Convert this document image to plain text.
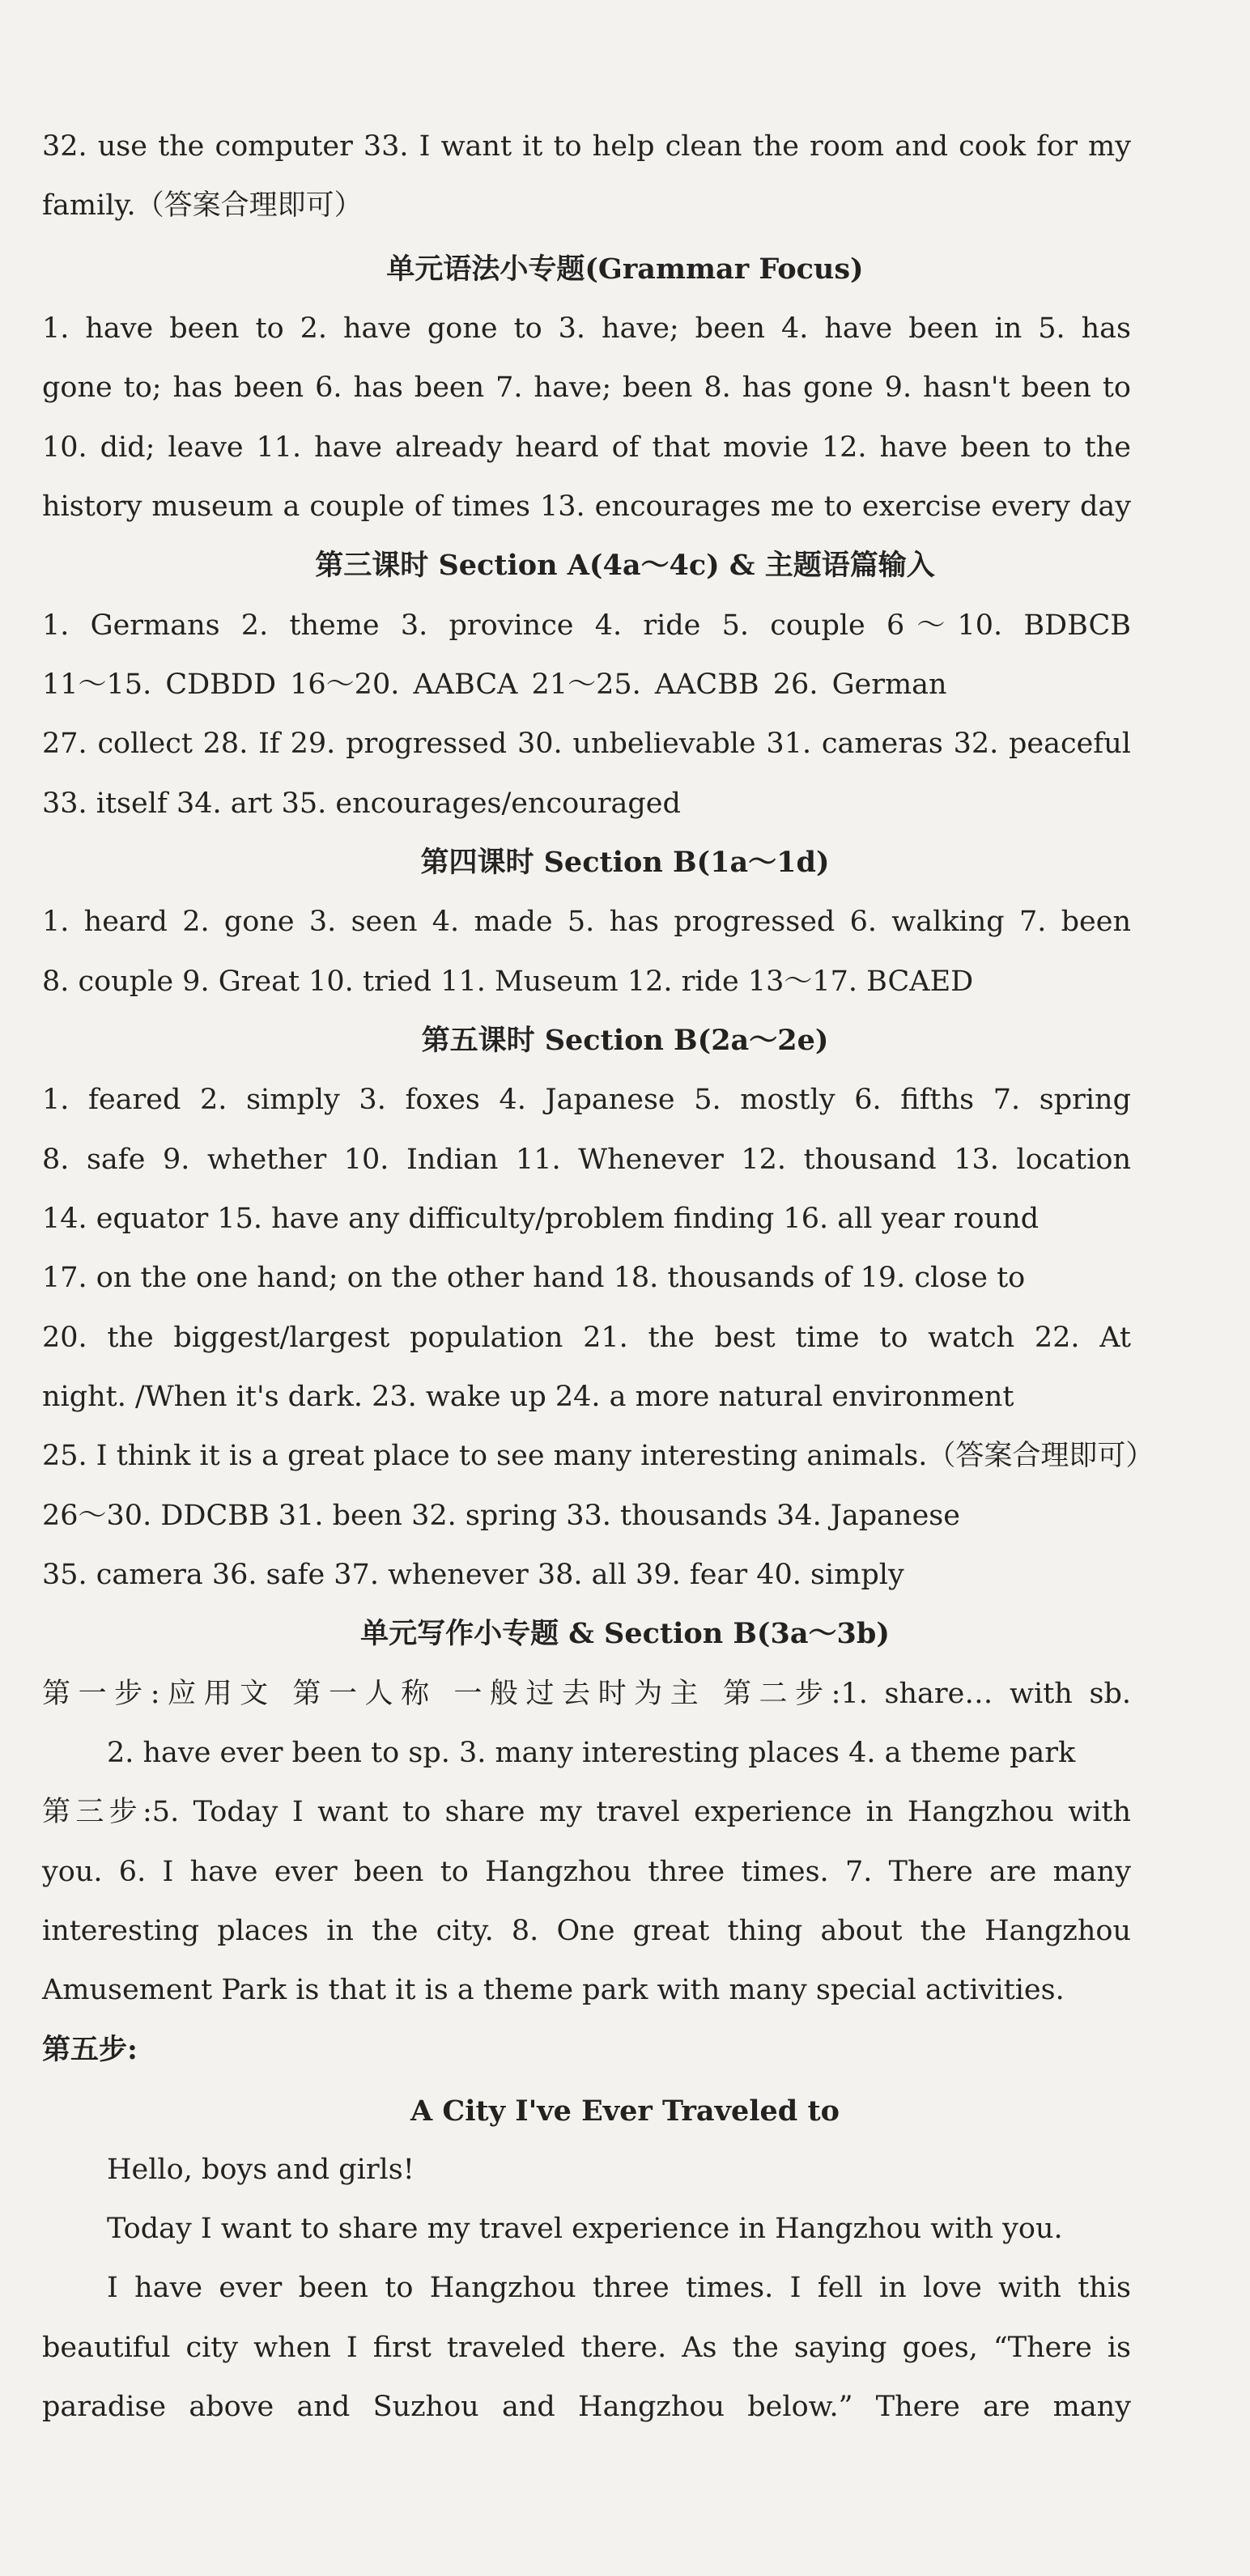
32. use the computer 33. I want it to help clean the room and cook for my
family.（答案合理即可）
单元语法小专题(Grammar Focus)
1. have been to 2. have gone to 3. have; been 4. have been in 5. has
gone to; has been 6. has been 7. have; been 8. has gone 9. hasn't been to
10. did; leave 11. have already heard of that movie 12. have been to the
history museum a couple of times 13. encourages me to exercise every day
第三课时 Section A(4a～4c) & 主题语篇输入
1. Germans 2. theme 3. province 4. ride 5. couple 6～10. BDBCB
11～15. CDBDD 16～20. AABCA 21～25. AACBB 26. German
27. collect 28. If 29. progressed 30. unbelievable 31. cameras 32. peaceful
33. itself 34. art 35. encourages/encouraged
第四课时 Section B(1a～1d)
1. heard 2. gone 3. seen 4. made 5. has progressed 6. walking 7. been
8. couple 9. Great 10. tried 11. Museum 12. ride 13～17. BCAED
第五课时 Section B(2a～2e)
1. feared 2. simply 3. foxes 4. Japanese 5. mostly 6. fifths 7. spring
8. safe 9. whether 10. Indian 11. Whenever 12. thousand 13. location
14. equator 15. have any difficulty/problem finding 16. all year round
17. on the one hand; on the other hand 18. thousands of 19. close to
20. the biggest/largest population 21. the best time to watch 22. At
night. /When it's dark. 23. wake up 24. a more natural environment
25. I think it is a great place to see many interesting animals.（答案合理即可）
26～30. DDCBB 31. been 32. spring 33. thousands 34. Japanese
35. camera 36. safe 37. whenever 38. all 39. fear 40. simply
单元写作小专题 & Section B(3a～3b)
第一步:应用文 第一人称 一般过去时为主 第二步:1. share… with sb.
2. have ever been to sp. 3. many interesting places 4. a theme park
第三步:5. Today I want to share my travel experience in Hangzhou with
you. 6. I have ever been to Hangzhou three times. 7. There are many
interesting places in the city. 8. One great thing about the Hangzhou
Amusement Park is that it is a theme park with many special activities.
第五步:
A City I've Ever Traveled to
Hello, boys and girls!
Today I want to share my travel experience in Hangzhou with you.
I have ever been to Hangzhou three times. I fell in love with this
beautiful city when I first traveled there. As the saying goes, “There is
paradise above and Suzhou and Hangzhou below.” There are many
